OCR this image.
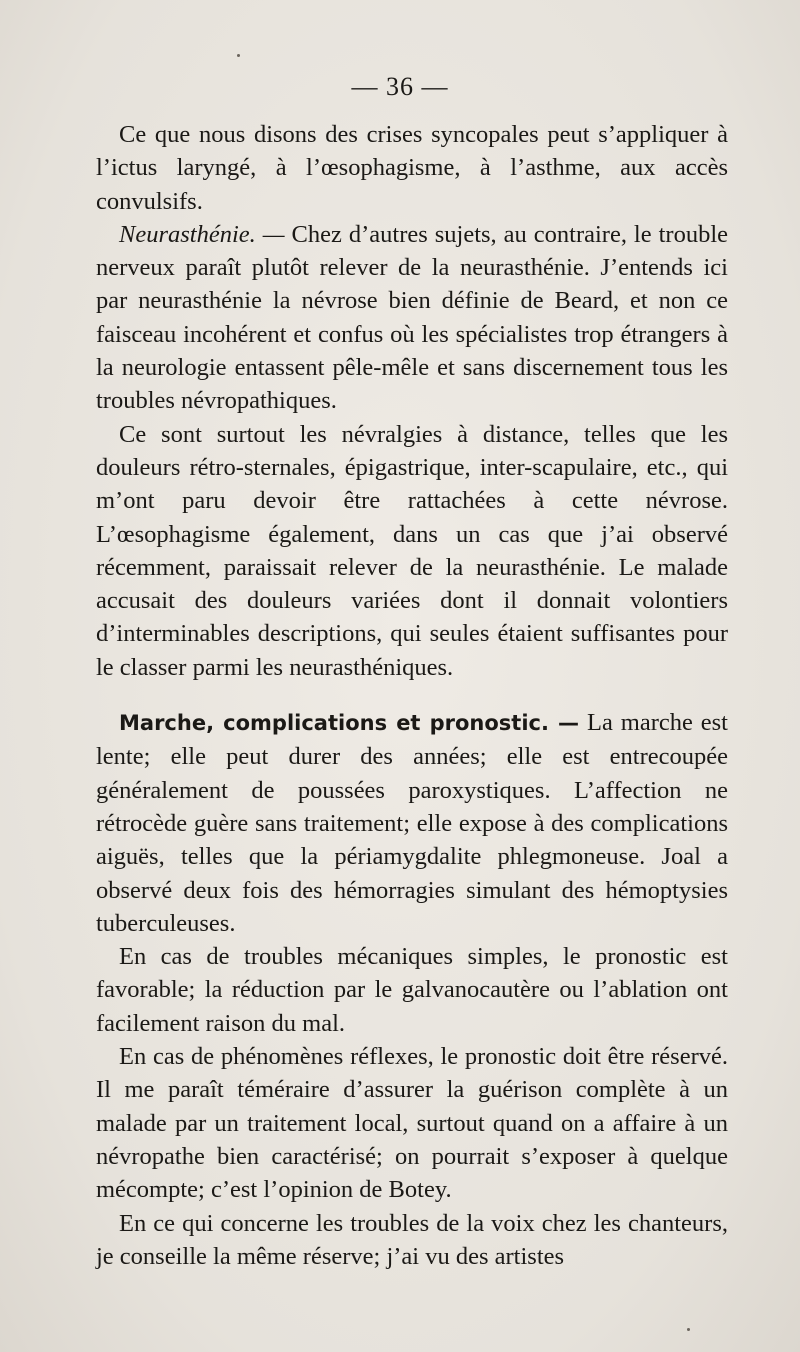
— 36 —

Ce que nous disons des crises syncopales peut s’appliquer à l’ictus laryngé, à l’œsophagisme, à l’asthme, aux accès convulsifs.

Neurasthénie. — Chez d’autres sujets, au contraire, le trouble nerveux paraît plutôt relever de la neurasthénie. J’entends ici par neurasthénie la névrose bien définie de Beard, et non ce faisceau incohérent et confus où les spécialistes trop étrangers à la neurologie entassent pêle-mêle et sans discernement tous les troubles névropathiques.

Ce sont surtout les névralgies à distance, telles que les douleurs rétro-sternales, épigastrique, inter-scapulaire, etc., qui m’ont paru devoir être rattachées à cette névrose. L’œsophagisme également, dans un cas que j’ai observé récemment, paraissait relever de la neurasthénie. Le malade accusait des douleurs variées dont il donnait volontiers d’interminables descriptions, qui seules étaient suffisantes pour le classer parmi les neurasthéniques.

Marche, complications et pronostic. — La marche est lente; elle peut durer des années; elle est entrecoupée généralement de poussées paroxystiques. L’affection ne rétrocède guère sans traitement; elle expose à des complications aiguës, telles que la périamygdalite phlegmoneuse. Joal a observé deux fois des hémorragies simulant des hémoptysies tuberculeuses.

En cas de troubles mécaniques simples, le pronostic est favorable; la réduction par le galvanocautère ou l’ablation ont facilement raison du mal.

En cas de phénomènes réflexes, le pronostic doit être réservé. Il me paraît téméraire d’assurer la guérison complète à un malade par un traitement local, surtout quand on a affaire à un névropathe bien caractérisé; on pourrait s’exposer à quelque mécompte; c’est l’opinion de Botey.

En ce qui concerne les troubles de la voix chez les chanteurs, je conseille la même réserve; j’ai vu des artistes
